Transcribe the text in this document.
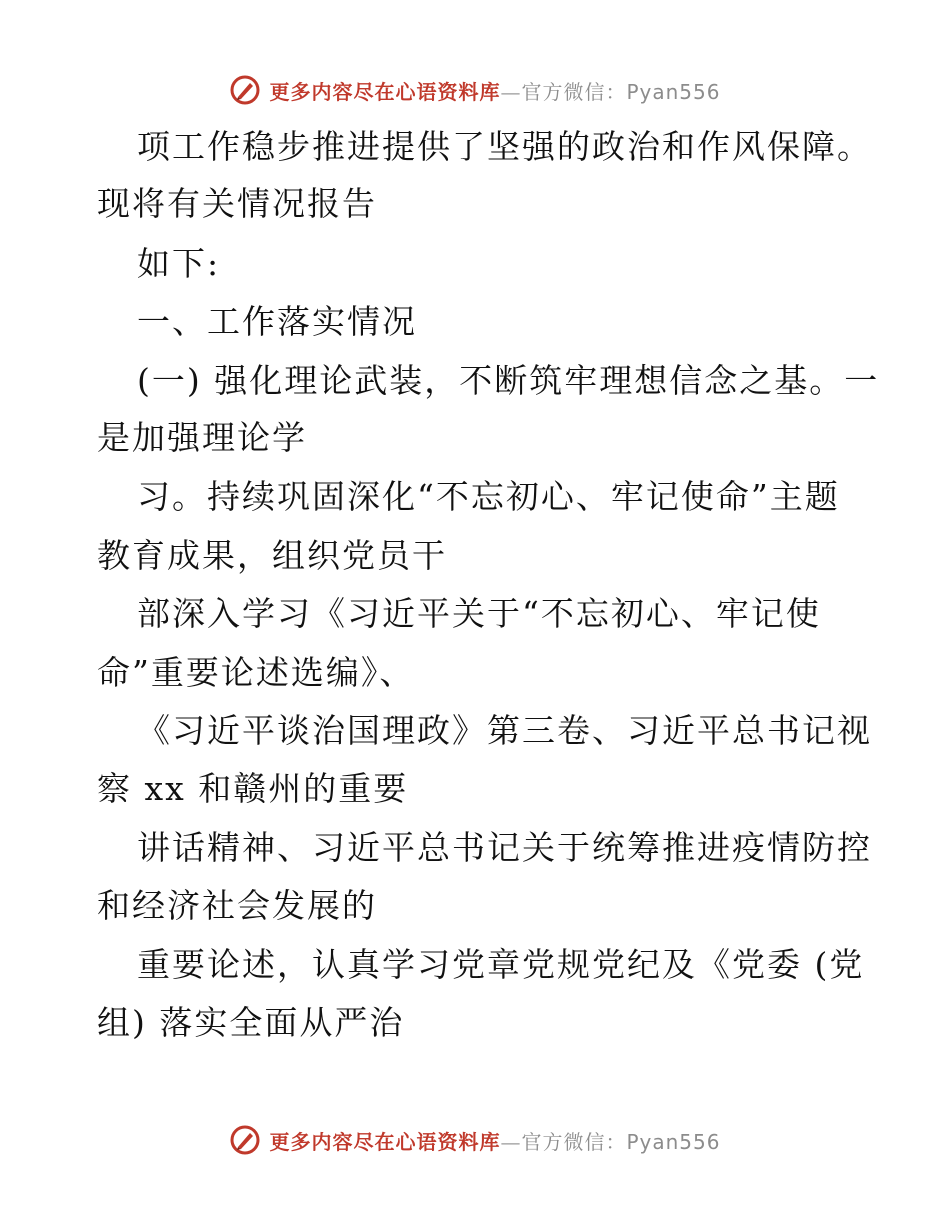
更多内容尽在心语资料库—官方微信：Pyan556
项工作稳步推进提供了坚强的政治和作风保障。
现将有关情况报告
如下:
一、工作落实情况
(一) 强化理论武装，不断筑牢理想信念之基。一
是加强理论学
习。持续巩固深化“不忘初心、牢记使命”主题
教育成果，组织党员干
部深入学习《习近平关于“不忘初心、牢记使
命”重要论述选编》、
《习近平谈治国理政》第三卷、习近平总书记视
察 xx 和赣州的重要
讲话精神、习近平总书记关于统筹推进疫情防控
和经济社会发展的
重要论述，认真学习党章党规党纪及《党委 (党
组) 落实全面从严治
更多内容尽在心语资料库—官方微信：Pyan556
